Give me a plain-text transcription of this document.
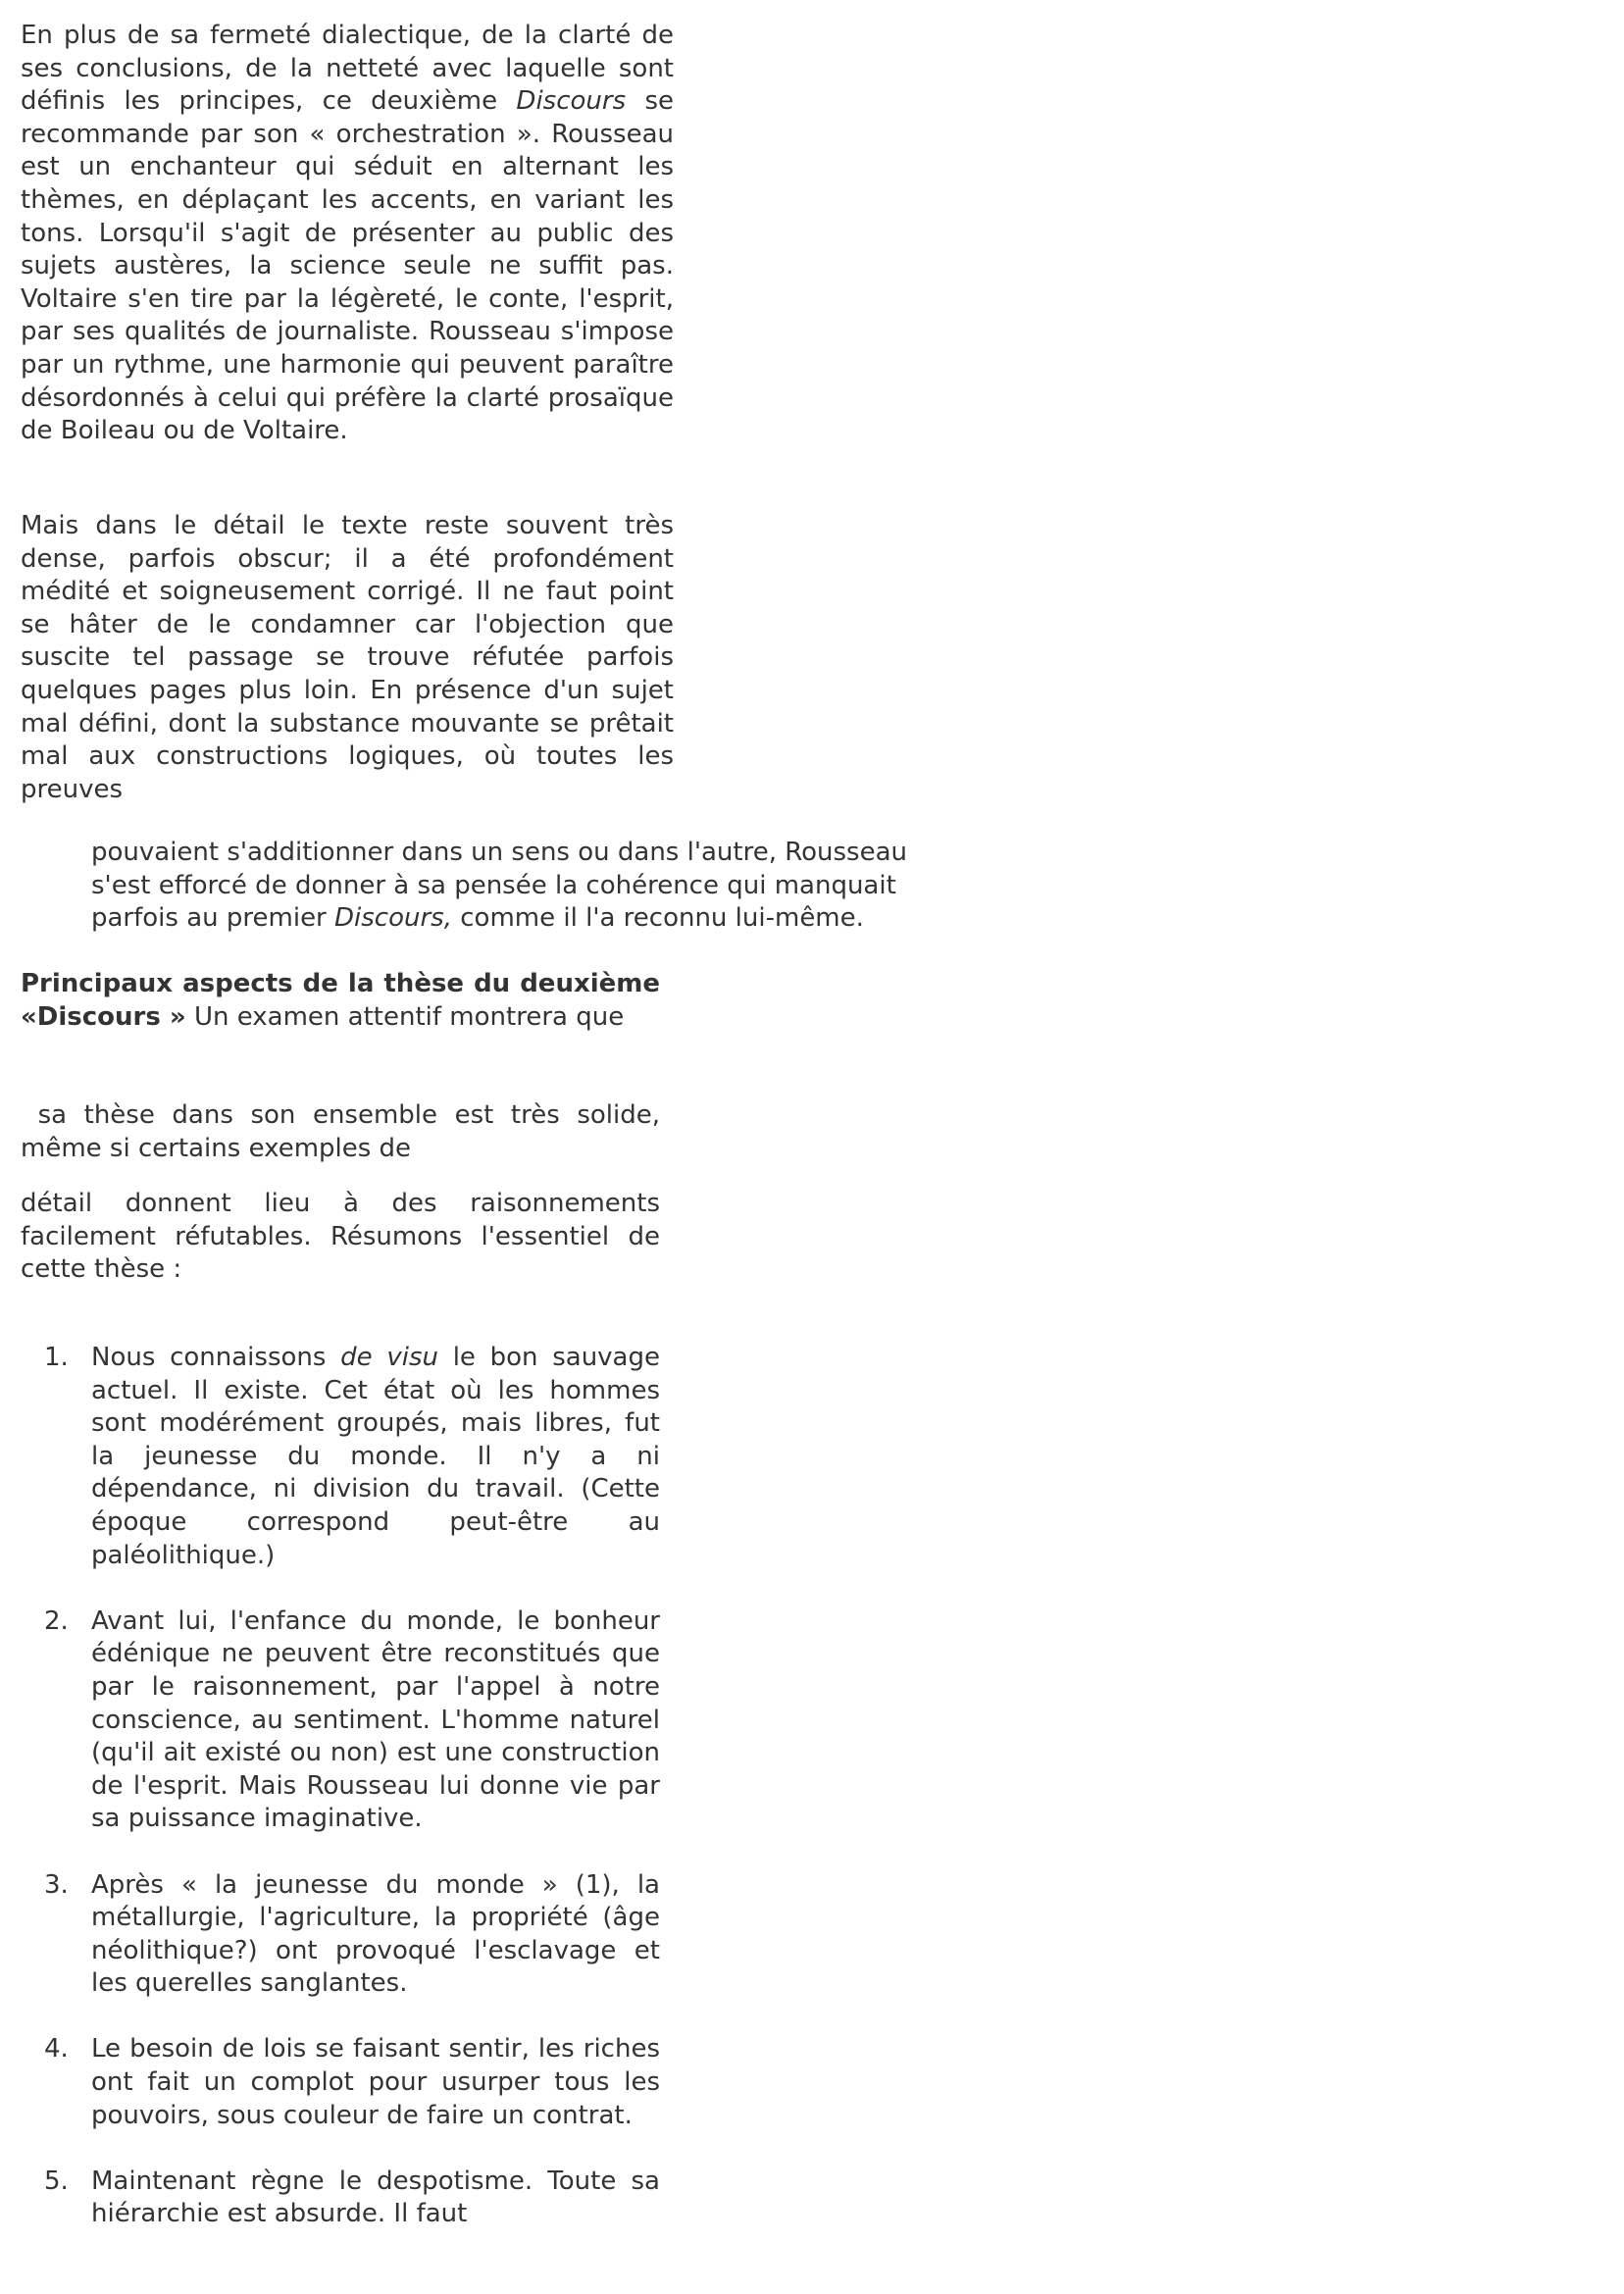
En plus de sa fermeté dialectique, de la clarté de ses conclusions, de la netteté avec laquelle sont définis les principes, ce deuxième Discours se recommande par son « orchestration ». Rousseau est un enchanteur qui séduit en alternant les thèmes, en déplaçant les accents, en variant les tons. Lorsqu'il s'agit de présenter au public des sujets austères, la science seule ne suffit pas. Voltaire s'en tire par la légèreté, le conte, l'esprit, par ses qualités de journaliste. Rousseau s'impose par un rythme, une harmonie qui peuvent paraître désordonnés à celui qui préfère la clarté prosaïque de Boileau ou de Voltaire.

Mais dans le détail le texte reste souvent très dense, parfois obscur; il a été profondément médité et soigneusement corrigé. Il ne faut point se hâter de le condamner car l'objection que suscite tel passage se trouve réfutée parfois quelques pages plus loin. En présence d'un sujet mal défini, dont la substance mouvante se prêtait mal aux constructions logiques, où toutes les preuves

pouvaient s'additionner dans un sens ou dans l'autre, Rousseau s'est efforcé de donner à sa pensée la cohérence qui manquait parfois au premier Discours, comme il l'a reconnu lui-même.
Principaux aspects de la thèse du deuxième «Discours » Un examen attentif montrera que
sa thèse dans son ensemble est très solide, même si certains exemples de
détail donnent lieu à des raisonnements facilement réfutables. Résumons l'essentiel de cette thèse :
1. Nous connaissons de visu le bon sauvage actuel. Il existe. Cet état où les hommes sont modérément groupés, mais libres, fut la jeunesse du monde. Il n'y a ni dépendance, ni division du travail. (Cette époque correspond peut-être au paléolithique.)
2. Avant lui, l'enfance du monde, le bonheur édénique ne peuvent être reconstitués que par le raisonnement, par l'appel à notre conscience, au sentiment. L'homme naturel (qu'il ait existé ou non) est une construction de l'esprit. Mais Rousseau lui donne vie par sa puissance imaginative.
3. Après « la jeunesse du monde » (1), la métallurgie, l'agriculture, la propriété (âge néolithique?) ont provoqué l'esclavage et les querelles sanglantes.
4. Le besoin de lois se faisant sentir, les riches ont fait un complot pour usurper tous les pouvoirs, sous couleur de faire un contrat.
5. Maintenant règne le despotisme. Toute sa hiérarchie est absurde. Il faut
